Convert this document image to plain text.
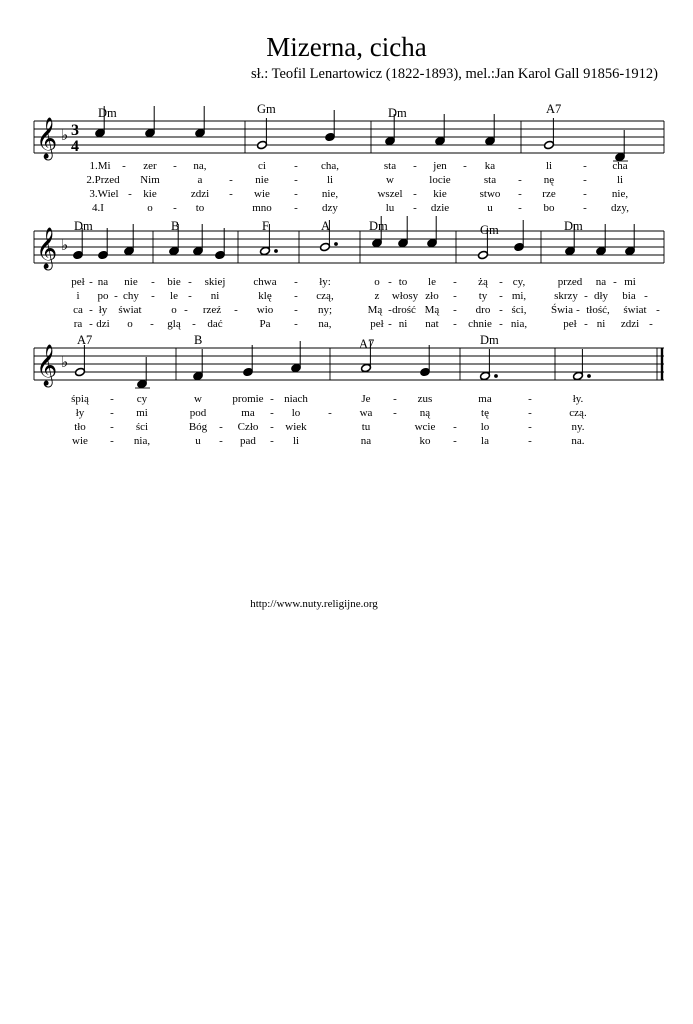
Mizerna, cicha
sł.: Teofil Lenartowicz (1822-1893), mel.:Jan Karol Gall 91856-1912)
𝄞 ♭ 3
4
Dm	Gm	Dm	A7
1.Mi - zer - na,	ci	- cha,	sta - jen - ka	li	- cha
2.Przed Nim	a - nie -	li	w	locie	sta - nę	-	li
3.Wiel - kie	zdzi - wie - nie,	wszel - kie	stwo - rze - nie,
4.I	o - to	mno - dzy	lu - dzie	u - bo	- dzy,
𝄞 ♭
Dm	B	F	A	Dm	Gm	Dm
peł - na nie - bie - skiej	chwa - ły:	o - to le - żą - cy,	przed na - mi
i po - chy - le - ni	klę - czą,	z włosy zło - ty - mi,	skrzy - dły bia -
ca - ły świat	o - rzeź - wio - ny;	Mą - drość Mą - dro - ści, Świa - tłość, świat -
ra - dzi o - glą - dać	Pa - na,	peł - ni nat - chnie - nia,	peł - ni zdzi -
𝄞 ♭
A7	B	A7	Dm
śpią - cy	w	promie - niach	Je - zus	ma	-	ły.
ły - mi	pod	ma - lo	-	wa - ną	tę	-	czą.
tło - ści	Bóg - Czło - wiek	tu	wcie - lo	-	ny.
wie - nia,	u - pad - li	na	ko - la	-	na.
http://www.nuty.religijne.org
